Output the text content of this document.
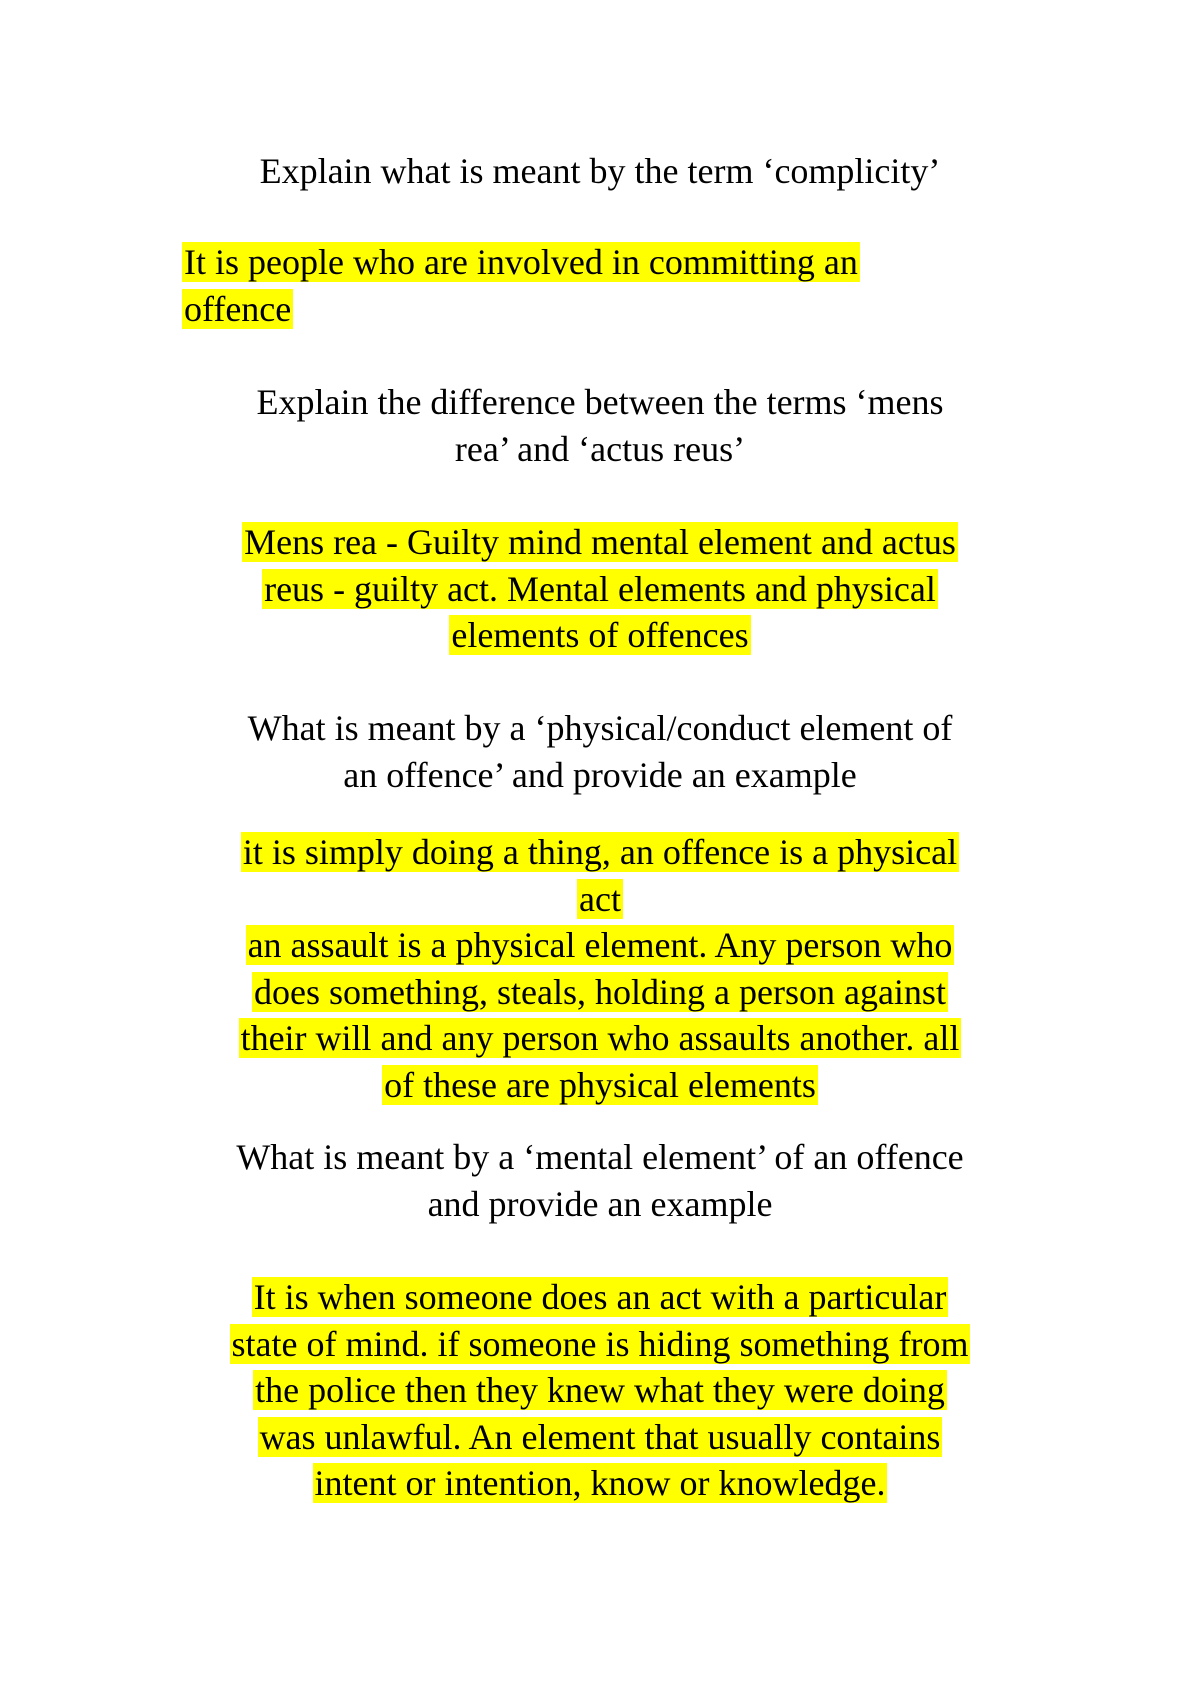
Explain what is meant by the term ‘complicity’
It is people who are involved in committing an
offence
Explain the difference between the terms ‘mens
rea’ and ‘actus reus’
Mens rea - Guilty mind mental element and actus
reus - guilty act. Mental elements and physical
elements of offences
What is meant by a ‘physical/conduct element of
an offence’ and provide an example
it is simply doing a thing, an offence is a physical
act
an assault is a physical element. Any person who
does something, steals, holding a person against
their will and any person who assaults another. all
of these are physical elements
What is meant by a ‘mental element’ of an offence
and provide an example
It is when someone does an act with a particular
state of mind. if someone is hiding something from
the police then they knew what they were doing
was unlawful. An element that usually contains
intent or intention, know or knowledge.
